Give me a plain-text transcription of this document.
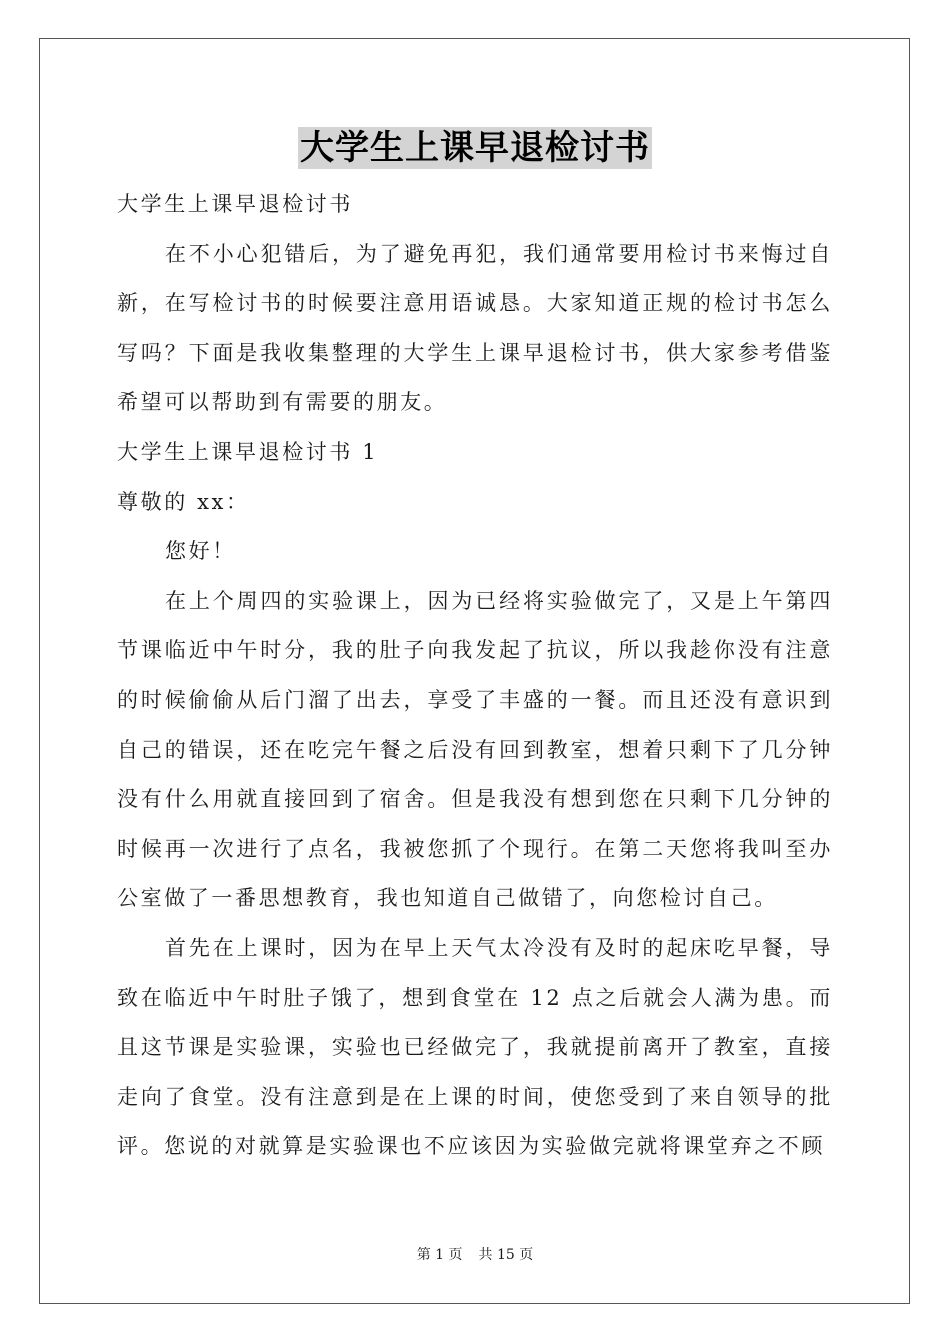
大学生上课早退检讨书

大学生上课早退检讨书

在不小心犯错后，为了避免再犯，我们通常要用检讨书来悔过自新，在写检讨书的时候要注意用语诚恳。大家知道正规的检讨书怎么写吗？下面是我收集整理的大学生上课早退检讨书，供大家参考借鉴希望可以帮助到有需要的朋友。

大学生上课早退检讨书 1

尊敬的 xx：

您好！

在上个周四的实验课上，因为已经将实验做完了，又是上午第四节课临近中午时分，我的肚子向我发起了抗议，所以我趁你没有注意的时候偷偷从后门溜了出去，享受了丰盛的一餐。而且还没有意识到自己的错误，还在吃完午餐之后没有回到教室，想着只剩下了几分钟没有什么用就直接回到了宿舍。但是我没有想到您在只剩下几分钟的时候再一次进行了点名，我被您抓了个现行。在第二天您将我叫至办公室做了一番思想教育，我也知道自己做错了，向您检讨自己。

首先在上课时，因为在早上天气太冷没有及时的起床吃早餐，导致在临近中午时肚子饿了，想到食堂在 12 点之后就会人满为患。而且这节课是实验课，实验也已经做完了，我就提前离开了教室，直接走向了食堂。没有注意到是在上课的时间，使您受到了来自领导的批评。您说的对就算是实验课也不应该因为实验做完就将课堂弃之不顾

第 1 页 共 15 页
